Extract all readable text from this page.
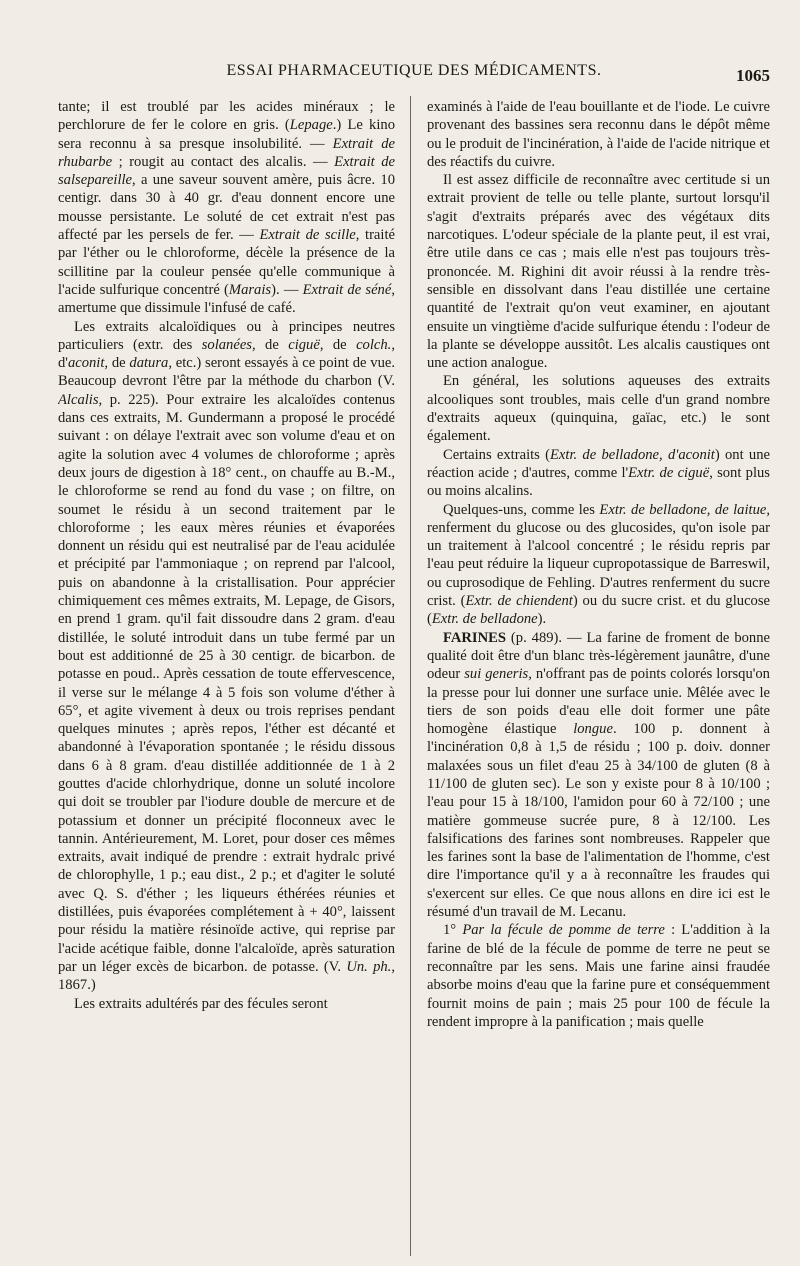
ESSAI PHARMACEUTIQUE DES MÉDICAMENTS.	1065

tante; il est troublé par les acides minéraux ; le perchlorure de fer le colore en gris. (Lepage.) Le kino sera reconnu à sa presque insolubilité. — Extrait de rhubarbe ; rougit au contact des alcalis. — Extrait de salsepareille, a une saveur souvent amère, puis âcre. 10 centigr. dans 30 à 40 gr. d'eau donnent encore une mousse persistante. Le soluté de cet extrait n'est pas affecté par les persels de fer. — Extrait de scille, traité par l'éther ou le chloroforme, décèle la présence de la scillitine par la couleur pensée qu'elle communique à l'acide sulfurique concentré (Marais). — Extrait de séné, amertume que dissimule l'infusé de café.

Les extraits alcaloïdiques ou à principes neutres particuliers (extr. des solanées, de ciguë, de colch., d'aconit, de datura, etc.) seront essayés à ce point de vue. Beaucoup devront l'être par la méthode du charbon (V. Alcalis, p. 225). Pour extraire les alcaloïdes contenus dans ces extraits, M. Gundermann a proposé le procédé suivant : on délaye l'extrait avec son volume d'eau et on agite la solution avec 4 volumes de chloroforme ; après deux jours de digestion à 18° cent., on chauffe au B.-M., le chloroforme se rend au fond du vase ; on filtre, on soumet le résidu à un second traitement par le chloroforme ; les eaux mères réunies et évaporées donnent un résidu qui est neutralisé par de l'eau acidulée et précipité par l'ammoniaque ; on reprend par l'alcool, puis on abandonne à la cristallisation. Pour apprécier chimiquement ces mêmes extraits, M. Lepage, de Gisors, en prend 1 gram. qu'il fait dissoudre dans 2 gram. d'eau distillée, le soluté introduit dans un tube fermé par un bout est additionné de 25 à 30 centigr. de bicarbon. de potasse en poud.. Après cessation de toute effervescence, il verse sur le mélange 4 à 5 fois son volume d'éther à 65°, et agite vivement à deux ou trois reprises pendant quelques minutes ; après repos, l'éther est décanté et abandonné à l'évaporation spontanée ; le résidu dissous dans 6 à 8 gram. d'eau distillée additionnée de 1 à 2 gouttes d'acide chlorhydrique, donne un soluté incolore qui doit se troubler par l'iodure double de mercure et de potassium et donner un précipité floconneux avec le tannin. Antérieurement, M. Loret, pour doser ces mêmes extraits, avait indiqué de prendre : extrait hydralc privé de chlorophylle, 1 p.; eau dist., 2 p.; et d'agiter le soluté avec Q. S. d'éther ; les liqueurs éthérées réunies et distillées, puis évaporées complétement à + 40°, laissent pour résidu la matière résinoïde active, qui reprise par l'acide acétique faible, donne l'alcaloïde, après saturation par un léger excès de bicarbon. de potasse. (V. Un. ph., 1867.)

Les extraits adultérés par des fécules seront

examinés à l'aide de l'eau bouillante et de l'iode. Le cuivre provenant des bassines sera reconnu dans le dépôt même ou le produit de l'incinération, à l'aide de l'acide nitrique et des réactifs du cuivre.

Il est assez difficile de reconnaître avec certitude si un extrait provient de telle ou telle plante, surtout lorsqu'il s'agit d'extraits préparés avec des végétaux dits narcotiques. L'odeur spéciale de la plante peut, il est vrai, être utile dans ce cas ; mais elle n'est pas toujours très-prononcée. M. Righini dit avoir réussi à la rendre très-sensible en dissolvant dans l'eau distillée une certaine quantité de l'extrait qu'on veut examiner, en ajoutant ensuite un vingtième d'acide sulfurique étendu : l'odeur de la plante se développe aussitôt. Les alcalis caustiques ont une action analogue.

En général, les solutions aqueuses des extraits alcooliques sont troubles, mais celle d'un grand nombre d'extraits aqueux (quinquina, gaïac, etc.) le sont également.

Certains extraits (Extr. de belladone, d'aconit) ont une réaction acide ; d'autres, comme l'Extr. de ciguë, sont plus ou moins alcalins.

Quelques-uns, comme les Extr. de belladone, de laitue, renferment du glucose ou des glucosides, qu'on isole par un traitement à l'alcool concentré ; le résidu repris par l'eau peut réduire la liqueur cupropotassique de Barreswil, ou cuprosodique de Fehling. D'autres renferment du sucre crist. (Extr. de chiendent) ou du sucre crist. et du glucose (Extr. de belladone).

FARINES (p. 489). — La farine de froment de bonne qualité doit être d'un blanc très-légèrement jaunâtre, d'une odeur sui generis, n'offrant pas de points colorés lorsqu'on la presse pour lui donner une surface unie. Mêlée avec le tiers de son poids d'eau elle doit former une pâte homogène élastique longue. 100 p. donnent à l'incinération 0,8 à 1,5 de résidu ; 100 p. doiv. donner malaxées sous un filet d'eau 25 à 34/100 de gluten (8 à 11/100 de gluten sec). Le son y existe pour 8 à 10/100 ; l'eau pour 15 à 18/100, l'amidon pour 60 à 72/100 ; une matière gommeuse sucrée pure, 8 à 12/100. Les falsifications des farines sont nombreuses. Rappeler que les farines sont la base de l'alimentation de l'homme, c'est dire l'importance qu'il y a à reconnaître les fraudes qui s'exercent sur elles. Ce que nous allons en dire ici est le résumé d'un travail de M. Lecanu.

1° Par la fécule de pomme de terre : L'addition à la farine de blé de la fécule de pomme de terre ne peut se reconnaître par les sens. Mais une farine ainsi fraudée absorbe moins d'eau que la farine pure et conséquemment fournit moins de pain ; mais 25 pour 100 de fécule la rendent impropre à la panification ; mais quelle
